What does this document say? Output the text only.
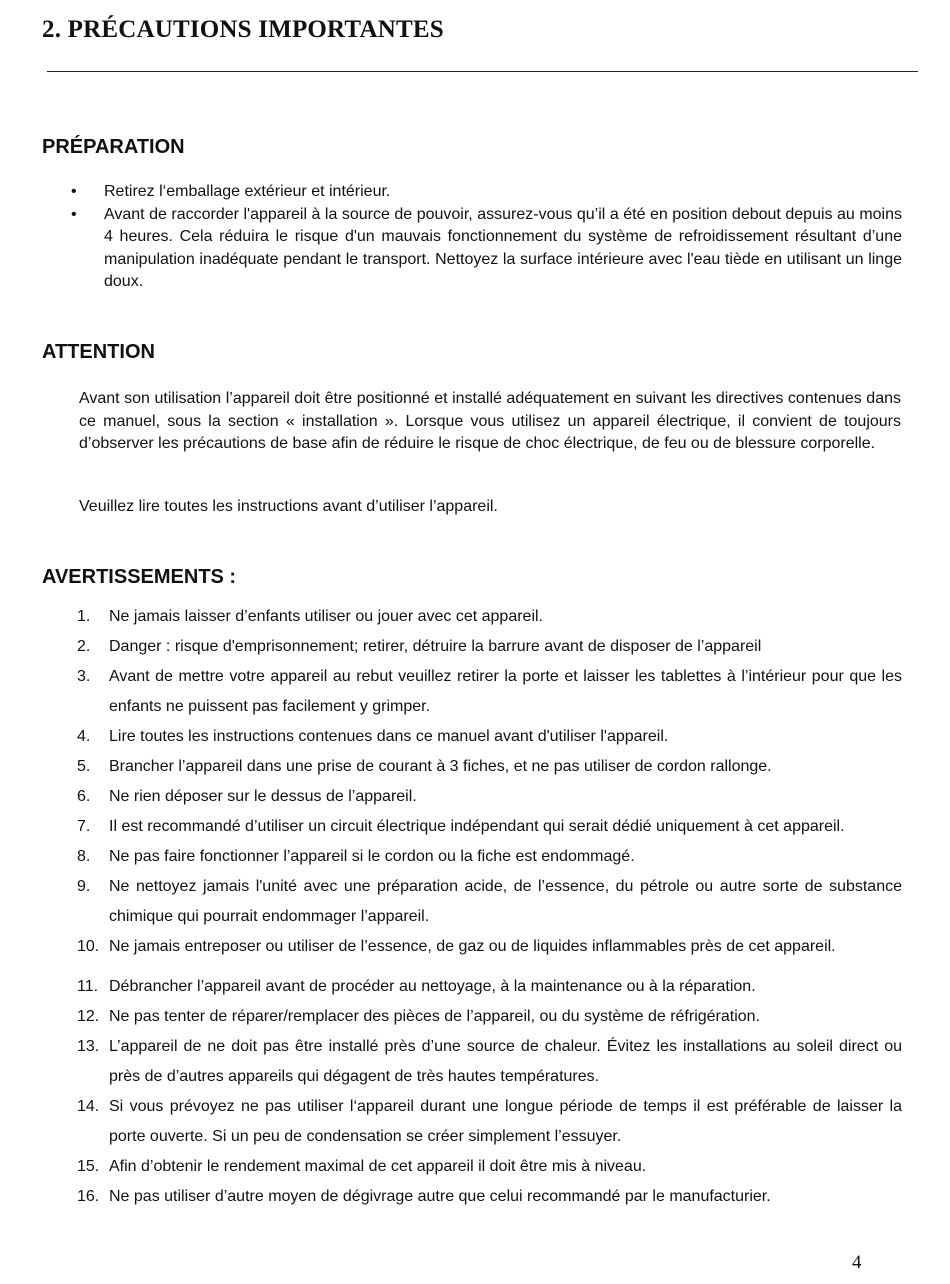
2. PRÉCAUTIONS IMPORTANTES
PRÉPARATION
• Retirez l‘emballage extérieur et intérieur.
• Avant de raccorder l'appareil à la source de pouvoir, assurez-vous qu’il a été en position debout depuis au moins 4 heures. Cela réduira le risque d'un mauvais fonctionnement du système de refroidissement résultant d’une manipulation inadéquate pendant le transport. Nettoyez la surface intérieure avec l'eau tiède en utilisant un linge doux.
ATTENTION

Avant son utilisation l’appareil doit être positionné et installé adéquatement en suivant les directives contenues dans ce manuel, sous la section « installation ». Lorsque vous utilisez un appareil électrique, il convient de toujours d’observer les précautions de base afin de réduire le risque de choc électrique, de feu ou de blessure corporelle.

Veuillez lire toutes les instructions avant d’utiliser l’appareil.

AVERTISSEMENTS :
1. Ne jamais laisser d’enfants utiliser ou jouer avec cet appareil.
2. Danger : risque d'emprisonnement; retirer, détruire la barrure avant de disposer de l’appareil
3. Avant de mettre votre appareil au rebut veuillez retirer la porte et laisser les tablettes à l’intérieur pour que les enfants ne puissent pas facilement y grimper.
4. Lire toutes les instructions contenues dans ce manuel avant d'utiliser l'appareil.
5. Brancher l’appareil dans une prise de courant à 3 fiches, et ne pas utiliser de cordon rallonge.
6. Ne rien déposer sur le dessus de l’appareil.
7. Il est recommandé d’utiliser un circuit électrique indépendant qui serait dédié uniquement à cet appareil.
8. Ne pas faire fonctionner l’appareil si le cordon ou la fiche est endommagé.
9. Ne nettoyez jamais l'unité avec une préparation acide, de l’essence, du pétrole ou autre sorte de substance chimique qui pourrait endommager l’appareil.
10. Ne jamais entreposer ou utiliser de l’essence, de gaz ou de liquides inflammables près de cet appareil.
11. Débrancher l’appareil avant de procéder au nettoyage, à la maintenance ou à la réparation.
12. Ne pas tenter de réparer/remplacer des pièces de l’appareil, ou du système de réfrigération.
13. L’appareil de ne doit pas être installé près d’une source de chaleur. Évitez les installations au soleil direct ou près de d’autres appareils qui dégagent de très hautes températures.
14. Si vous prévoyez ne pas utiliser l‘appareil durant une longue période de temps il est préférable de laisser la porte ouverte. Si un peu de condensation se créer simplement l’essuyer.
15. Afin d’obtenir le rendement maximal de cet appareil il doit être mis à niveau.
16. Ne pas utiliser d’autre moyen de dégivrage autre que celui recommandé par le manufacturier.
4
